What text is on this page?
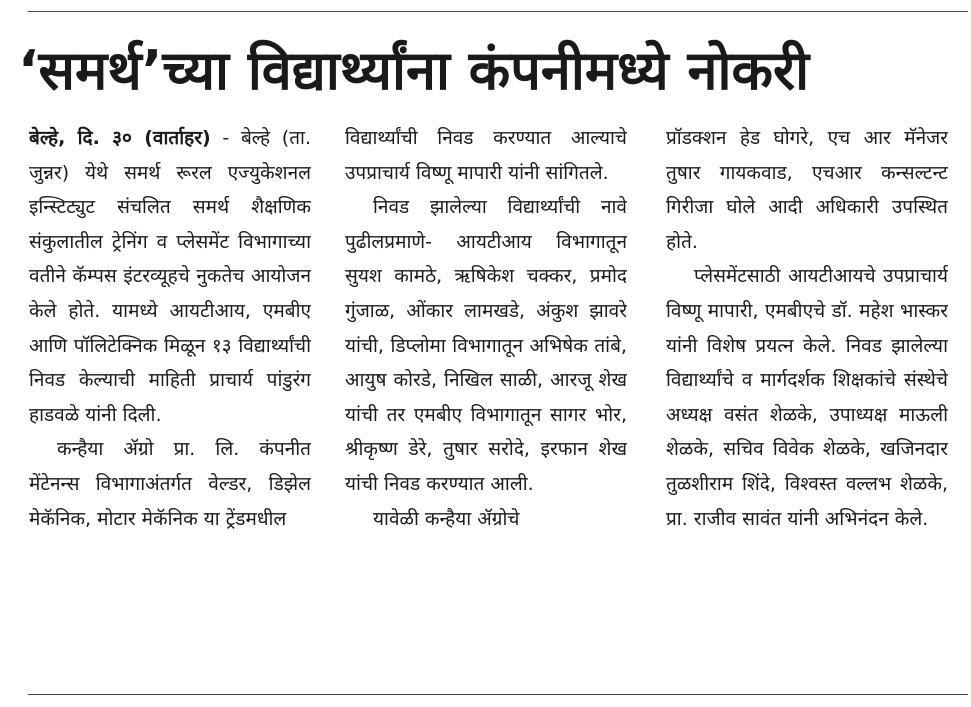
‘समर्थ’च्या विद्यार्थ्यांना कंपनीमध्ये नोकरी

बेल्हे, दि. ३० (वार्ताहर) - बेल्हे (ता. जुन्नर) येथे समर्थ रूरल एज्युकेशनल इन्स्टिट्युट संचलित समर्थ शैक्षणिक संकुलातील ट्रेनिंग व प्लेसमेंट विभागाच्या वतीने कॅम्पस इंटरव्यूहचे नुकतेच आयोजन केले होते. यामध्ये आयटीआय, एमबीए आणि पॉलिटेक्निक मिळून १३ विद्यार्थ्यांची निवड केल्याची माहिती प्राचार्य पांडुरंग हाडवळे यांनी दिली.

कन्हैया ॲग्रो प्रा. लि. कंपनीत मेंटेनन्स विभागाअंतर्गत वेल्डर, डिझेल मेकॅनिक, मोटार मेकॅनिक या ट्रेंडमधील

विद्यार्थ्यांची निवड करण्यात आल्याचे उपप्राचार्य विष्णू मापारी यांनी सांगितले.

निवड झालेल्या विद्यार्थ्यांची नावे पुढीलप्रमाणे- आयटीआय विभागातून सुयश कामठे, ऋषिकेश चक्कर, प्रमोद गुंजाळ, ओंकार लामखडे, अंकुश झावरे यांची, डिप्लोमा विभागातून अभिषेक तांबे, आयुष कोरडे, निखिल साळी, आरजू शेख यांची तर एमबीए विभागातून सागर भोर, श्रीकृष्ण डेरे, तुषार सरोदे, इरफान शेख यांची निवड करण्यात आली.

यावेळी कन्हैया ॲग्रोचे

प्रॉडक्शन हेड घोगरे, एच आर मॅनेजर तुषार गायकवाड, एचआर कन्सल्टन्ट गिरीजा घोले आदी अधिकारी उपस्थित होते.

प्लेसमेंटसाठी आयटीआयचे उपप्राचार्य विष्णू मापारी, एमबीएचे डॉ. महेश भास्कर यांनी विशेष प्रयत्न केले. निवड झालेल्या विद्यार्थ्यांचे व मार्गदर्शक शिक्षकांचे संस्थेचे अध्यक्ष वसंत शेळके, उपाध्यक्ष माऊली शेळके, सचिव विवेक शेळके, खजिनदार तुळशीराम शिंदे, विश्वस्त वल्लभ शेळके, प्रा. राजीव सावंत यांनी अभिनंदन केले.
